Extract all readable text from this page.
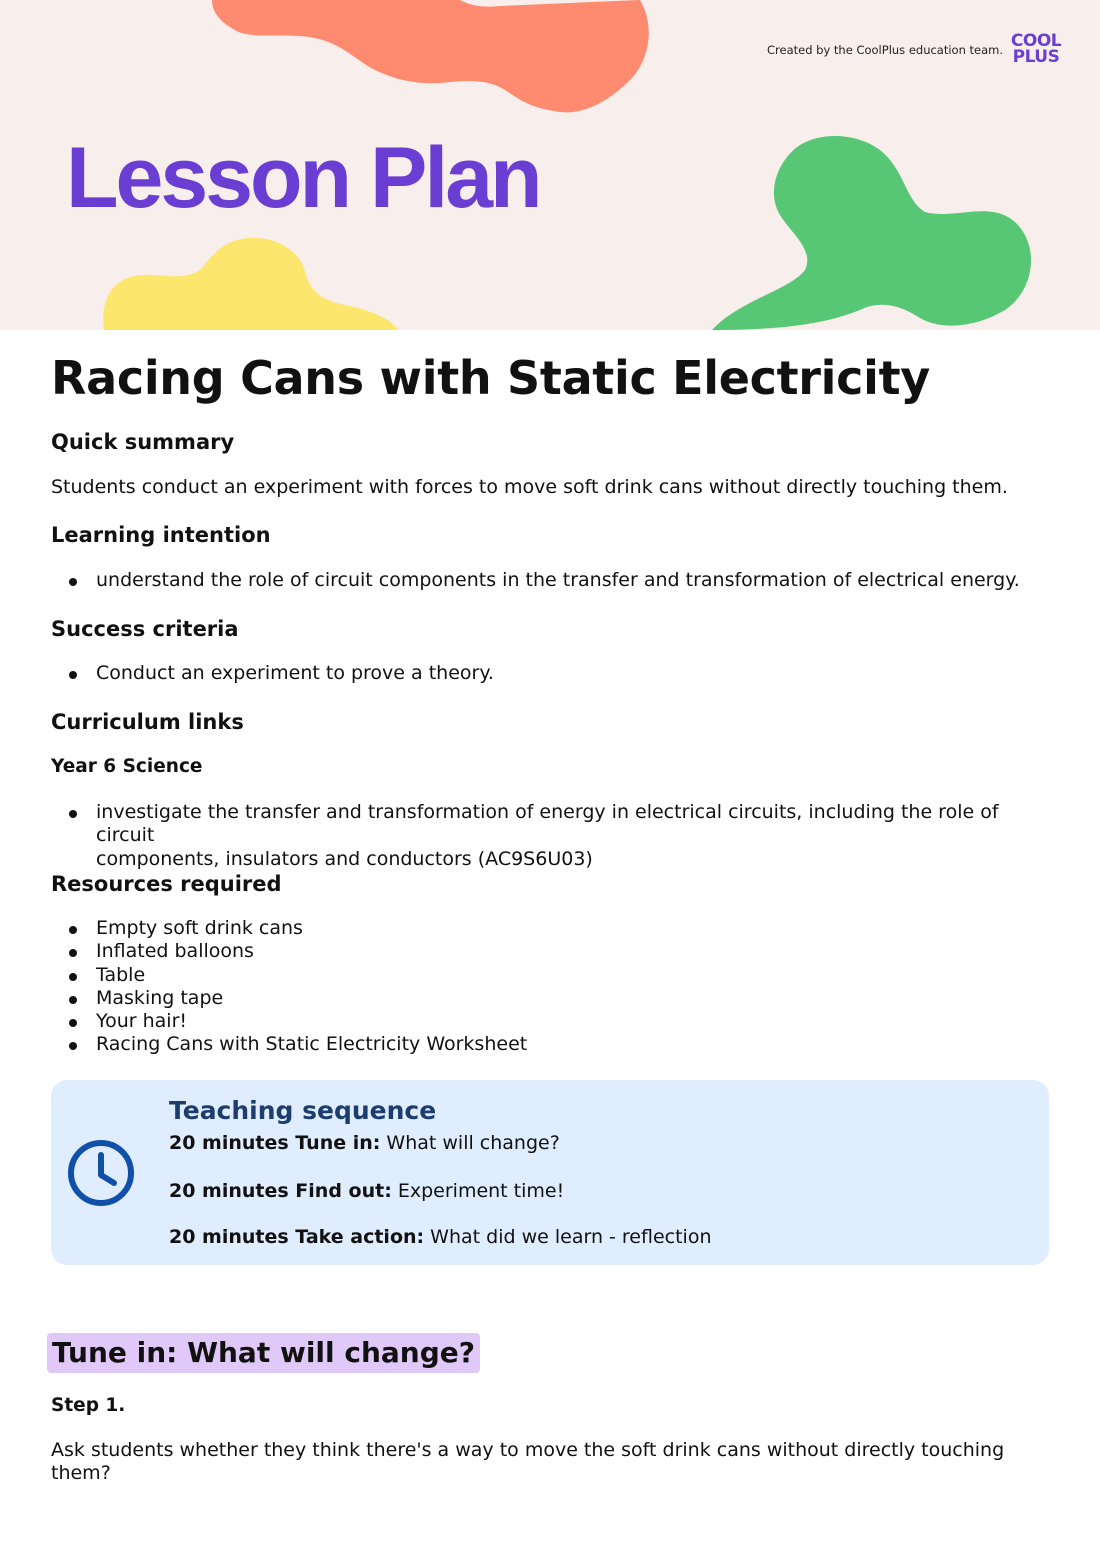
Created by the CoolPlus education team. COOL
PLUS
Lesson Plan
Racing Cans with Static Electricity
Quick summary

Students conduct an experiment with forces to move soft drink cans without directly touching them.

Learning intention
understand the role of circuit components in the transfer and transformation of electrical energy.
Success criteria
Conduct an experiment to prove a theory.
Curriculum links
Year 6 Science
investigate the transfer and transformation of energy in electrical circuits, including the role of circuit
components, insulators and conductors (AC9S6U03)
Resources required
Empty soft drink cans
Inflated balloons
Table
Masking tape
Your hair!
Racing Cans with Static Electricity Worksheet
Teaching sequence
20 minutes Tune in: What will change?
20 minutes Find out: Experiment time!
20 minutes Take action: What did we learn - reflection
Tune in: What will change?
Step 1.
Ask students whether they think there's a way to move the soft drink cans without directly touching
them?
